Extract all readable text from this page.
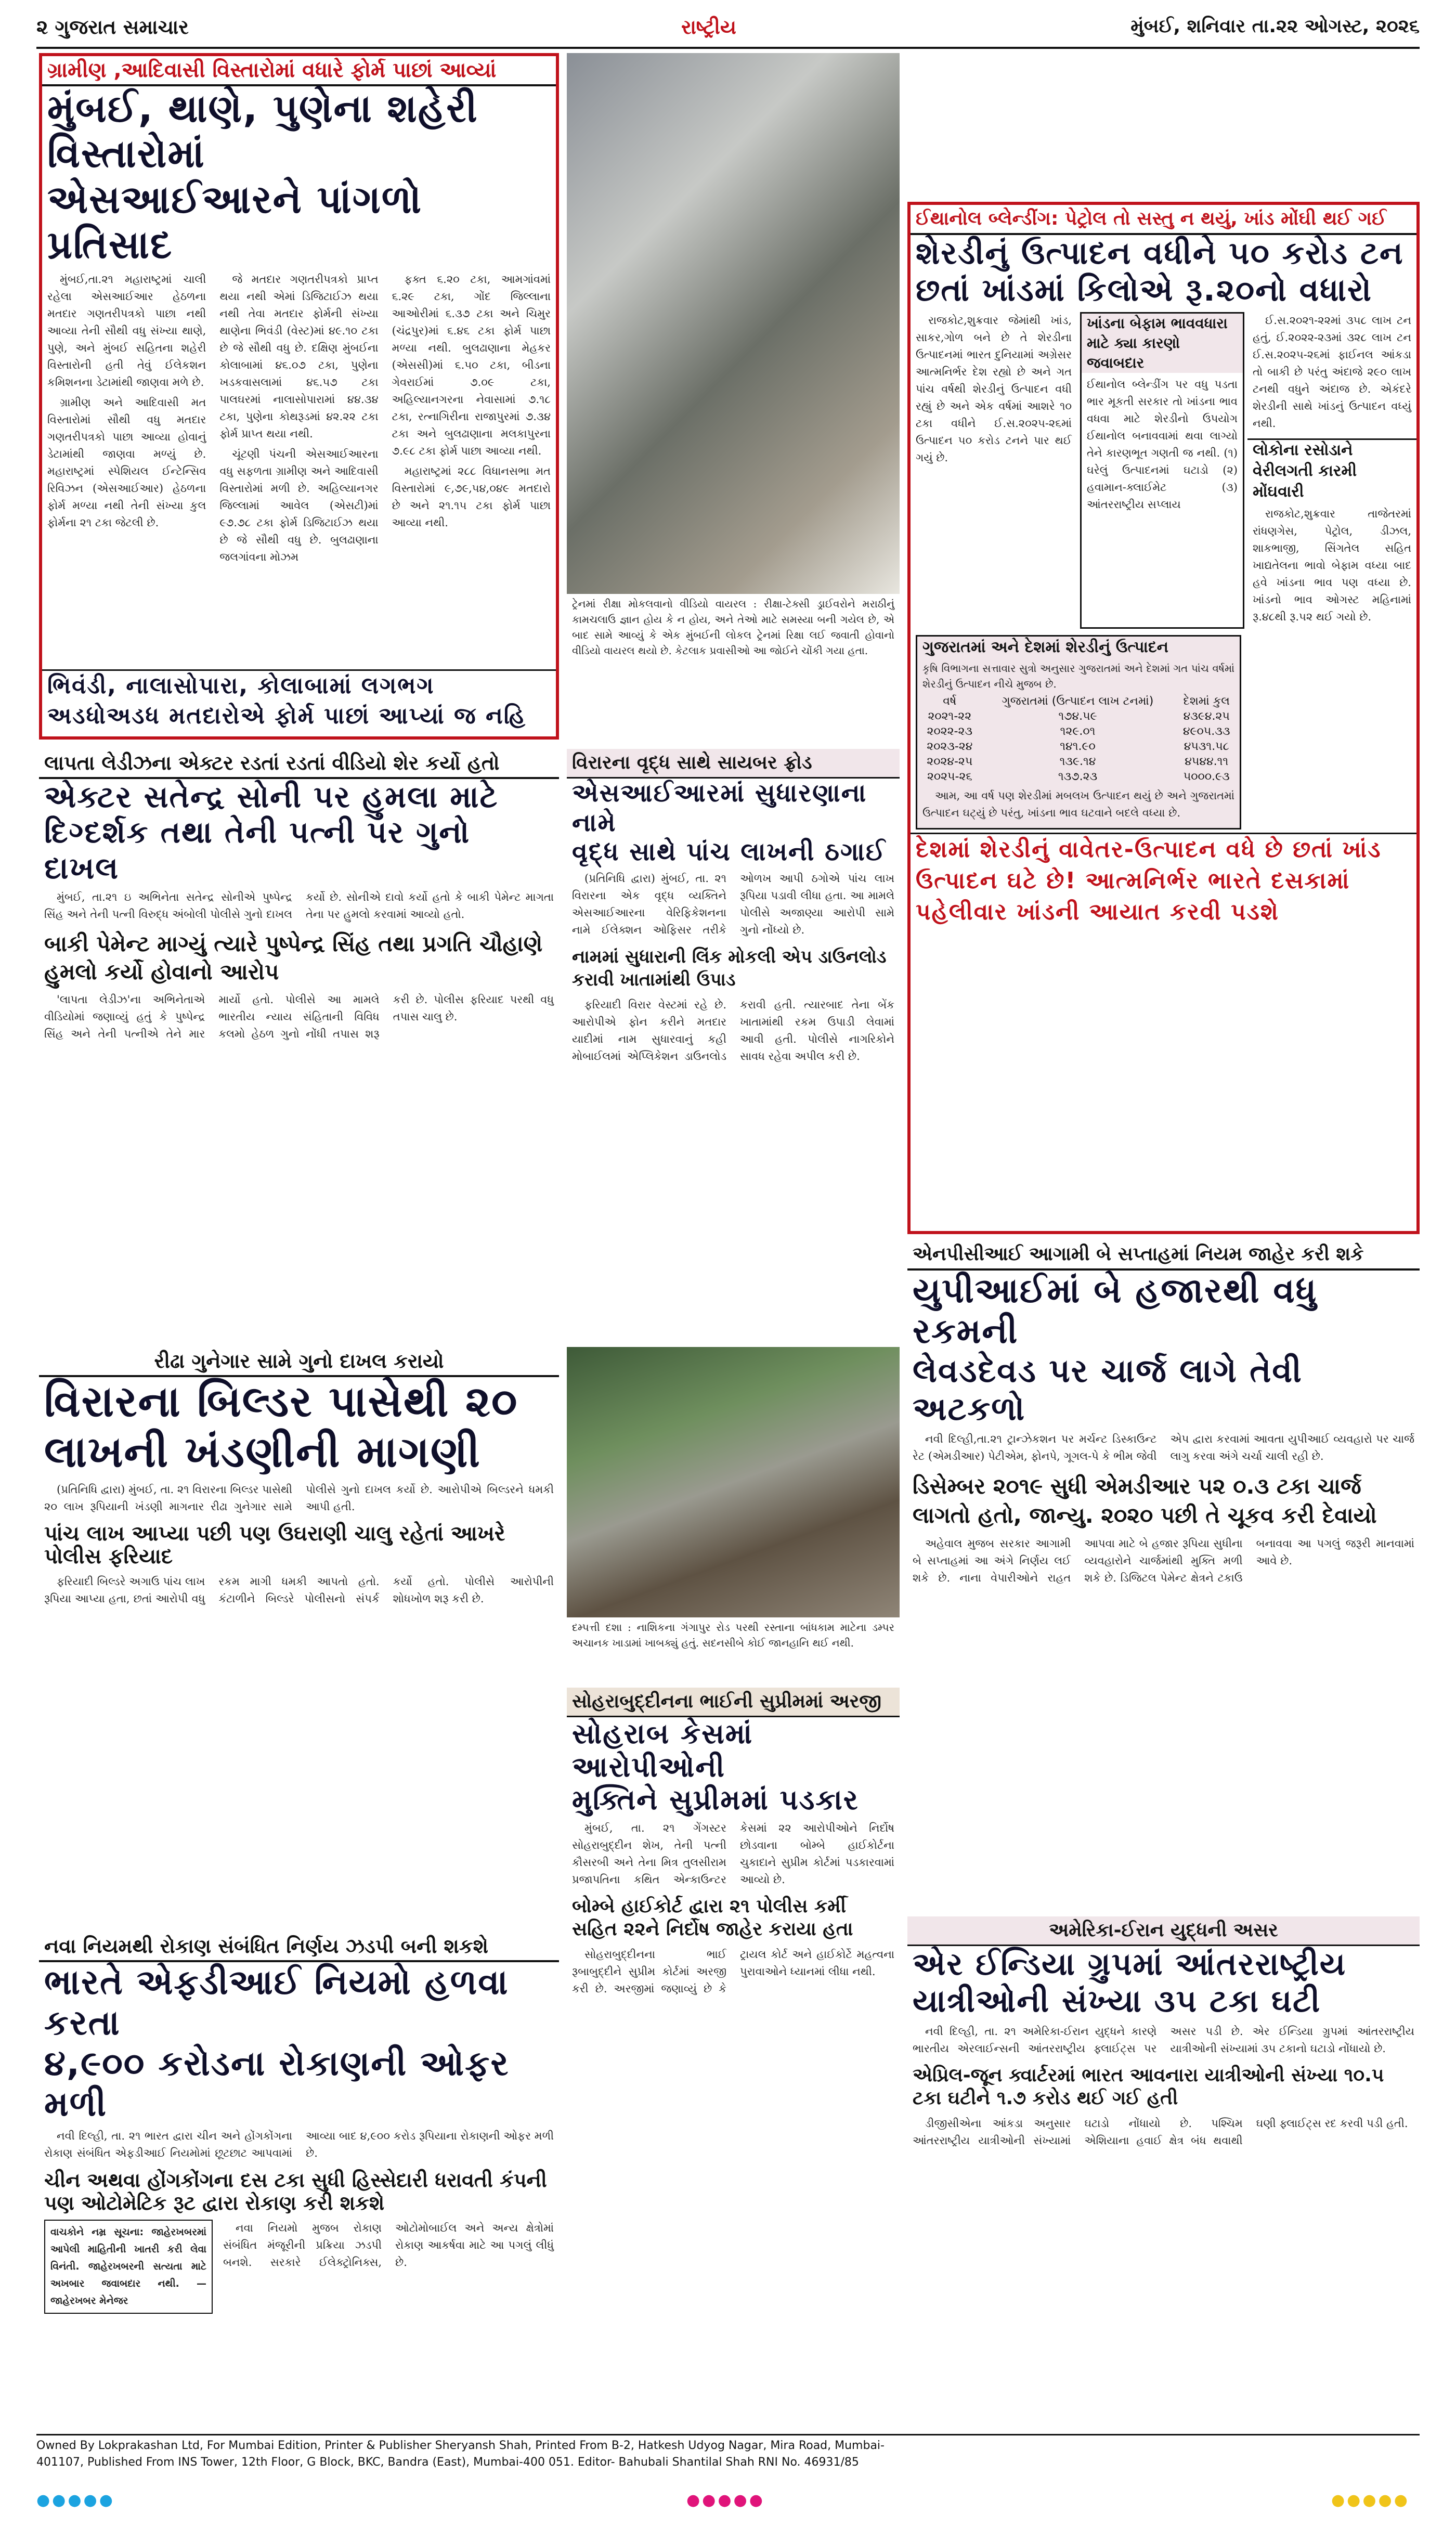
૨ ગુજરાત સમાચાર	રાષ્ટ્રીય	મુંબઈ, શનિવાર તા.૨૨ ઓગસ્ટ, ૨૦૨૬
ગ્રામીણ ,આદિવાસી વિસ્તારોમાં વધારે ફોર્મ પાછાં આવ્યાં
મુંબઈ, થાણે, પુણેના શહેરી વિસ્તારોમાં
એસઆઈઆરને પાંગળો પ્રતિસાદ

મુંબઈ,તા.૨૧ મહારાષ્ટ્રમાં ચાલી રહેલા એસઆઈઆર હેઠળના મતદાર ગણતરીપત્રકો પાછા નથી આવ્યા તેની સૌથી વધુ સંખ્યા થાણે, પુણે, અને મુંબઈ સહિતના શહેરી વિસ્તારોની હતી તેવું ઈલેકશન કમિશનના ડેટામાંથી જાણવા મળે છે.

ગ્રામીણ અને આદિવાસી મત વિસ્તારોમાં સૌથી વધુ મતદાર ગણતરીપત્રકો પાછા આવ્યા હોવાનું ડેટામાંથી જાણવા મળ્યું છે. મહારાષ્ટ્રમાં સ્પેશિયલ ઈન્ટેન્સિવ રિવિઝન (એસઆઈઆર) હેઠળના ફોર્મ મળ્યા નથી તેની સંખ્યા કુલ ફોર્મના ૨૧ ટકા જેટલી છે.

જે મતદાર ગણતરીપત્રકો પ્રાપ્ત થયા નથી એમાં ડિજિટાઈઝ થયા નથી તેવા મતદાર ફોર્મની સંખ્યા થાણેના ભિવંડી (વેસ્ટ)માં ૪૯.૧૦ ટકા છે જે સૌથી વધુ છે. દક્ષિણ મુંબઈના કોલાબામાં ૪૬.૦૭ ટકા, પુણેના ખડકવાસલામાં ૪૬.૫૭ ટકા પાલઘરમાં નાલાસોપારામાં ૪૪.૩૪ ટકા, પુણેના કોથરૂડમાં ૪૨.૨૨ ટકા ફોર્મ પ્રાપ્ત થયા નથી.

ચૂંટણી પંચની એસઆઈઆરના વધુ સફળતા ગ્રામીણ અને આદિવાસી વિસ્તારોમાં મળી છે. અહિલ્યાનગર જિલ્લામાં આવેલ (એસટી)માં ૯૭.૭૮ ટકા ફોર્મ ડિજિટાઈઝ થયા છે જે સૌથી વધુ છે. બુલઢાણાના જલગાંવના મોઝમ

ફક્ત ૬.૨૦ ટકા, આમગાંવમાં ૬.૨૯ ટકા, ગોંદ જિલ્લાના આઓરીમાં ૬.૩૭ ટકા અને ચિમુર (ચંદ્રપુર)માં ૬.૪૬ ટકા ફોર્મ પાછા મળ્યા નથી. બુલઢાણાના મેહકર (એસસી)માં ૬.૫૦ ટકા, બીડના ગેવરાઈમાં ૭.૦૯ ટકા, અહિલ્યાનગરના નેવાસામાં ૭.૧૮ ટકા, રત્નાગિરીના રાજાપુરમાં ૭.૩૪ ટકા અને બુલઢાણાના મલકાપુરના ૭.૯૮ ટકા ફોર્મ પાછા આવ્યા નથી.

મહારાષ્ટ્રમાં ૨૮૮ વિધાનસભા મત વિસ્તારોમાં ૯,૭૯,૫૪,૦૪૯ મતદારો છે અને ૨૧.૧૫ ટકા ફોર્મ પાછા આવ્યા નથી.

ભિવંડી, નાલાસોપારા, કોલાબામાં લગભગ અડધોઅડધ મતદારોએ ફોર્મ પાછાં આપ્યાં જ નહિ
ટ્રેનમાં રીક્ષા મોકલવાનો વીડિયો વાયરલ : રીક્ષા-ટેક્સી ડ્રાઈવરોને મરાઠીનું કામચલાઉ જ્ઞાન હોય કે ન હોય, અને તેઓ માટે સમસ્યા બની ગયેલ છે, એ બાદ સામે આવ્યું કે એક મુંબઈની લોકલ ટ્રેનમાં રિક્ષા લઈ જવાતી હોવાનો વીડિયો વાયરલ થયો છે. કેટલાક પ્રવાસીઓ આ જોઈને ચોંકી ગયા હતા.
લાપતા લેડીઝના એક્ટર રડતાં રડતાં વીડિયો શેર કર્યો હતો
એક્ટર સતેન્દ્ર સોની પર હુમલા માટે
દિગ્દર્શક તથા તેની પત્ની પર ગુનો દાખલ

મુંબઈ, તા.૨૧ ઇ અભિનેતા સતેન્દ્ર સોનીએ પુષ્પેન્દ્ર સિંહ અને તેની પત્ની વિરુદ્ધ અંબોલી પોલીસે ગુનો દાખલ કર્યો છે. સોનીએ દાવો કર્યો હતો કે બાકી પેમેન્ટ માગતા તેના પર હુમલો કરવામાં આવ્યો હતો.

બાકી પેમેન્ટ માગ્યું ત્યારે પુષ્પેન્દ્ર સિંહ તથા પ્રગતિ ચૌહાણે હુમલો કર્યો હોવાનો આરોપ

'લાપતા લેડીઝ'ના અભિનેતાએ વીડિયોમાં જણાવ્યું હતું કે પુષ્પેન્દ્ર સિંહ અને તેની પત્નીએ તેને માર માર્યો હતો. પોલીસે આ મામલે ભારતીય ન્યાય સંહિતાની વિવિધ કલમો હેઠળ ગુનો નોંધી તપાસ શરૂ કરી છે. પોલીસ ફરિયાદ પરથી વધુ તપાસ ચાલુ છે.

વિરારના વૃદ્ધ સાથે સાયબર ફ્રોડ
એસઆઈઆરમાં સુધારણાના નામે
વૃદ્ધ સાથે પાંચ લાખની ઠગાઈ

(પ્રતિનિધિ દ્વારા) મુંબઈ, તા. ૨૧ વિરારના એક વૃદ્ધ વ્યક્તિને એસઆઈઆરના વેરિફિકેશનના નામે ઈલેક્શન ઓફિસર તરીકે ઓળખ આપી ઠગોએ પાંચ લાખ રૂપિયા પડાવી લીધા હતા. આ મામલે પોલીસે અજાણ્યા આરોપી સામે ગુનો નોંધ્યો છે.

નામમાં સુધારાની લિંક મોકલી એપ ડાઉનલોડ કરાવી ખાતામાંથી ઉપાડ

ફરિયાદી વિરાર વેસ્ટમાં રહે છે. આરોપીએ ફોન કરીને મતદાર યાદીમાં નામ સુધારવાનું કહી મોબાઈલમાં એપ્લિકેશન ડાઉનલોડ કરાવી હતી. ત્યારબાદ તેના બેંક ખાતામાંથી રકમ ઉપાડી લેવામાં આવી હતી. પોલીસે નાગરિકોને સાવધ રહેવા અપીલ કરી છે.

રીઢા ગુનેગાર સામે ગુનો દાખલ કરાયો
વિરારના બિલ્ડર પાસેથી ૨૦
લાખની ખંડણીની માગણી

(પ્રતિનિધિ દ્વારા) મુંબઈ, તા. ૨૧ વિરારના બિલ્ડર પાસેથી ૨૦ લાખ રૂપિયાની ખંડણી માગનાર રીઢા ગુનેગાર સામે પોલીસે ગુનો દાખલ કર્યો છે. આરોપીએ બિલ્ડરને ધમકી આપી હતી.

પાંચ લાખ આપ્યા પછી પણ ઉઘરાણી ચાલુ રહેતાં આખરે પોલીસ ફરિયાદ

ફરિયાદી બિલ્ડરે અગાઉ પાંચ લાખ રૂપિયા આપ્યા હતા, છતાં આરોપી વધુ રકમ માગી ધમકી આપતો હતો. કંટાળીને બિલ્ડરે પોલીસનો સંપર્ક કર્યો હતો. પોલીસે આરોપીની શોધખોળ શરૂ કરી છે.

દમ્પત્તી દશા : નાશિકના ગંગાપુર રોડ પરથી રસ્તાના બાંધકામ માટેના ડમ્પર અચાનક ખાડામાં ખાબક્યું હતું. સદનસીબે કોઈ જાનહાનિ થઈ નથી.
સોહરાબુદ્દીનના ભાઈની સુપ્રીમમાં અરજી
સોહરાબ કેસમાં આરોપીઓની
મુક્તિને સુપ્રીમમાં પડકાર

મુંબઈ, તા. ૨૧ ગેંગસ્ટર સોહરાબુદ્દીન શેખ, તેની પત્ની કૌસરબી અને તેના મિત્ર તુલસીરામ પ્રજાપતિના કથિત એન્કાઉન્ટર કેસમાં ૨૨ આરોપીઓને નિર્દોષ છોડવાના બોમ્બે હાઈકોર્ટના ચુકાદાને સુપ્રીમ કોર્ટમાં પડકારવામાં આવ્યો છે.

બોમ્બે હાઈકોર્ટ દ્વારા ૨૧ પોલીસ કર્મી સહિત ૨૨ને નિર્દોષ જાહેર કરાયા હતા

સોહરાબુદ્દીનના ભાઈ રૂબાબુદ્દીને સુપ્રીમ કોર્ટમાં અરજી કરી છે. અરજીમાં જણાવ્યું છે કે ટ્રાયલ કોર્ટ અને હાઈકોર્ટે મહત્વના પુરાવાઓને ધ્યાનમાં લીધા નથી.

નવા નિયમથી રોકાણ સંબંધિત નિર્ણય ઝડપી બની શકશે
ભારતે એફડીઆઈ નિયમો હળવા કરતા
૪,૯૦૦ કરોડના રોકાણની ઓફર મળી

નવી દિલ્હી, તા. ૨૧ ભારત દ્વારા ચીન અને હોંગકોંગના રોકાણ સંબંધિત એફડીઆઈ નિયમોમાં છૂટછાટ આપવામાં આવ્યા બાદ ૪,૯૦૦ કરોડ રૂપિયાના રોકાણની ઓફર મળી છે.

ચીન અથવા હોંગકોંગના દસ ટકા સુધી હિસ્સેદારી ધરાવતી કંપની પણ ઓટોમેટિક રૂટ દ્વારા રોકાણ કરી શકશે
વાચકોને નમ્ર સૂચના: જાહેરખબરમાં આપેલી માહિતીની ખાતરી કરી લેવા વિનંતી. જાહેરખબરની સત્યતા માટે અખબાર જવાબદાર નથી. — જાહેરખબર મેનેજર

નવા નિયમો મુજબ રોકાણ સંબંધિત મંજૂરીની પ્રક્રિયા ઝડપી બનશે. સરકારે ઈલેક્ટ્રોનિક્સ, ઓટોમોબાઈલ અને અન્ય ક્ષેત્રોમાં રોકાણ આકર્ષવા માટે આ પગલું લીધું છે.

ઈથાનોલ બ્લેન્ડીંગ: પેટ્રોલ તો સસ્તુ ન થયું, ખાંડ મોંઘી થઈ ગઈ
શેરડીનું ઉત્પાદન વધીને ૫૦ કરોડ ટન
છતાં ખાંડમાં કિલોએ રૂ.૨૦નો વધારો

રાજકોટ,શુક્રવાર જેમાંથી ખાંડ, સાકર,ગોળ બને છે તે શેરડીના ઉત્પાદનમાં ભારત દુનિયામાં અગ્રેસર આત્મનિર્ભર દેશ રહ્યો છે અને ગત પાંચ વર્ષથી શેરડીનું ઉત્પાદન વધી રહ્યું છે અને એક વર્ષમાં આશરે ૧૦ ટકા વધીને ઈ.સ.૨૦૨૫-૨૬માં ઉત્પાદન ૫૦ કરોડ ટનને પાર થઈ ગયું છે.

ખાંડના બેફામ ભાવવધારા માટે ક્યા કારણો જવાબદાર
ઈથાનોલ બ્લેન્ડીંગ પર વધુ પડતા ભાર મૂકતી સરકાર તો ખાંડના ભાવ વધવા માટે શેરડીનો ઉપયોગ ઈથાનોલ બનાવવામાં થવા લાગ્યો તેને કારણભૂત ગણતી જ નથી. (૧) ઘરેલું ઉત્પાદનમાં ઘટાડો (૨) હવામાન-ક્લાઈમેટ (૩) આંતરરાષ્ટ્રીય સપ્લાય

ઈ.સ.૨૦૨૧-૨૨માં ૩૫૮ લાખ ટન હતું, ઈ.૨૦૨૨-૨૩માં ૩૨૮ લાખ ટન ઈ.સ.૨૦૨૫-૨૬માં ફાઈનલ આંકડા તો બાકી છે પરંતુ અંદાજે ૨૯૦ લાખ ટનથી વધુને અંદાજ છે. એકંદરે શેરડીની સાથે ખાંડનું ઉત્પાદન વધ્યું નથી.

લોકોના રસોડાને વેરીલગતી કારમી મોંઘવારી

રાજકોટ,શુક્રવાર તાજેતરમાં રાંધણગેસ, પેટ્રોલ, ડીઝલ, શાકભાજી, સિંગતેલ સહિત ખાદ્યતેલના ભાવો બેફામ વધ્યા બાદ હવે ખાંડના ભાવ પણ વધ્યા છે. ખાંડનો ભાવ ઓગસ્ટ મહિનામાં રૂ.૪૮થી રૂ.૫૨ થઈ ગયો છે.

ગુજરાતમાં અને દેશમાં શેરડીનું ઉત્પાદન
કૃષિ વિભાગના સત્તાવાર સુત્રો અનુસાર ગુજરાતમાં અને દેશમાં ગત પાંચ વર્ષમાં શેરડીનું ઉત્પાદન નીચે મુજબ છે.
વર્ષ	ગુજરાતમાં (ઉત્પાદન લાખ ટનમાં)	દેશમાં કુલ
૨૦૨૧-૨૨	૧૭૪.૫૯	૪૩૯૪.૨૫
૨૦૨૨-૨૩	૧૨૯.૦૧	૪૯૦૫.૩૩
૨૦૨૩-૨૪	૧૪૧.૯૦	૪૫૩૧.૫૮
૨૦૨૪-૨૫	૧૩૯.૧૪	૪૫૪૪.૧૧
૨૦૨૫-૨૬	૧૩૭.૨૩	૫૦૦૦.૯૩

આમ, આ વર્ષ પણ શેરડીમાં મબલખ ઉત્પાદન થયું છે અને ગુજરાતમાં ઉત્પાદન ઘટ્યું છે પરંતુ, ખાંડના ભાવ ઘટવાને બદલે વધ્યા છે.

દેશમાં શેરડીનું વાવેતર-ઉત્પાદન વધે છે છતાં ખાંડ ઉત્પાદન ઘટે છે! આત્મનિર્ભર ભારતે દસકામાં પહેલીવાર ખાંડની આયાત કરવી પડશે
એનપીસીઆઈ આગામી બે સપ્તાહમાં નિયમ જાહેર કરી શકે
યુપીઆઈમાં બે હજારથી વધુ રકમની
લેવડદેવડ પર ચાર્જ લાગે તેવી અટકળો

નવી દિલ્હી,તા.૨૧ ટ્રાન્ઝેકશન પર મર્ચન્ટ ડિસ્કાઉન્ટ રેટ (એમડીઆર) પેટીએમ, ફોનપે, ગૂગલ-પે કે ભીમ જેવી એપ દ્વારા કરવામાં આવતા યુપીઆઈ વ્યવહારો પર ચાર્જ લાગુ કરવા અંગે ચર્ચા ચાલી રહી છે.

ડિસેમ્બર ૨૦૧૯ સુધી એમડીઆર ૫૨ ૦.૩ ટકા ચાર્જ લાગતો હતો, જાન્યુ. ૨૦૨૦ પછી તે ચૂકવ કરી દેવાયો

અહેવાલ મુજબ સરકાર આગામી બે સપ્તાહમાં આ અંગે નિર્ણય લઈ શકે છે. નાના વેપારીઓને રાહત આપવા માટે બે હજાર રૂપિયા સુધીના વ્યવહારોને ચાર્જમાંથી મુક્તિ મળી શકે છે. ડિજિટલ પેમેન્ટ ક્ષેત્રને ટકાઉ બનાવવા આ પગલું જરૂરી માનવામાં આવે છે.

અમેરિકા-ઈરાન યુદ્ધની અસર
એર ઈન્ડિયા ગ્રુપમાં આંતરરાષ્ટ્રીય
યાત્રીઓની સંખ્યા ૩૫ ટકા ઘટી

નવી દિલ્હી, તા. ૨૧ અમેરિકા-ઈરાન યુદ્ધને કારણે ભારતીય એરલાઈન્સની આંતરરાષ્ટ્રીય ફ્લાઈટ્સ પર અસર પડી છે. એર ઈન્ડિયા ગ્રુપમાં આંતરરાષ્ટ્રીય યાત્રીઓની સંખ્યામાં ૩૫ ટકાનો ઘટાડો નોંધાયો છે.

એપ્રિલ-જૂન ક્વાર્ટરમાં ભારત આવનારા યાત્રીઓની સંખ્યા ૧૦.૫ ટકા ઘટીને ૧.૭ કરોડ થઈ ગઈ હતી

ડીજીસીએના આંકડા અનુસાર આંતરરાષ્ટ્રીય યાત્રીઓની સંખ્યામાં ઘટાડો નોંધાયો છે. પશ્ચિમ એશિયાના હવાઈ ક્ષેત્ર બંધ થવાથી ઘણી ફ્લાઈટ્સ રદ કરવી પડી હતી.

Owned By Lokprakashan Ltd, For Mumbai Edition, Printer & Publisher Sheryansh Shah, Printed From B-2, Hatkesh Udyog Nagar, Mira Road, Mumbai-
401107, Published From INS Tower, 12th Floor, G Block, BKC, Bandra (East), Mumbai-400 051. Editor- Bahubali Shantilal Shah RNI No. 46931/85
●●●●●	●●●●●	●●●●●
